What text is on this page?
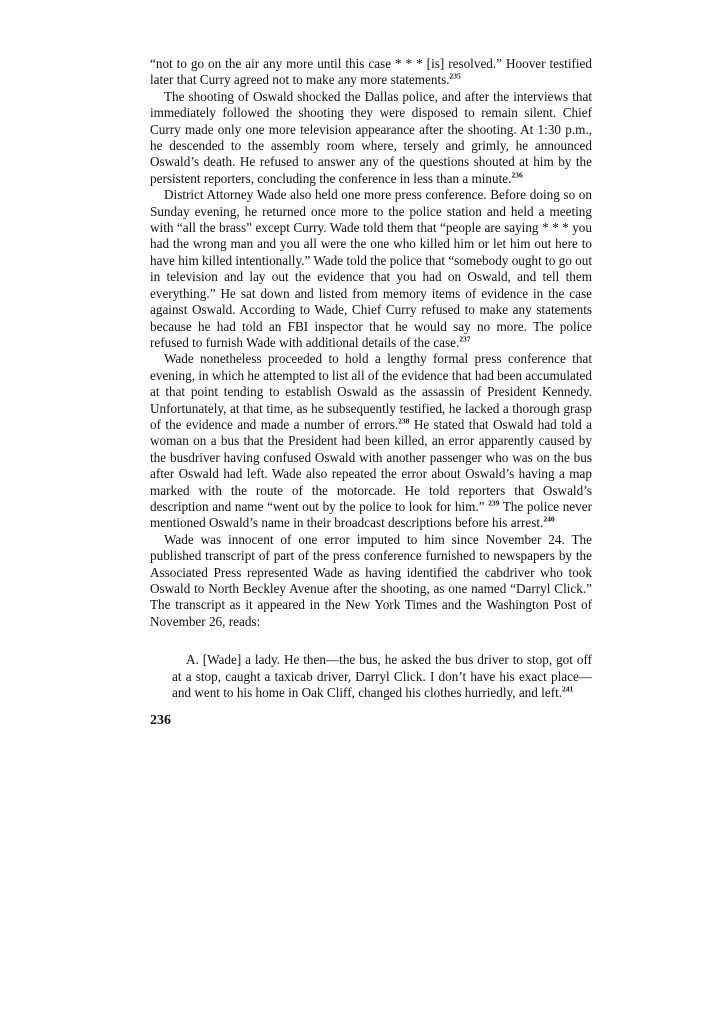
“not to go on the air any more until this case * * * [is] resolved.” Hoover testified later that Curry agreed not to make any more statements.$^{235}$

The shooting of Oswald shocked the Dallas police, and after the interviews that immediately followed the shooting they were disposed to remain silent. Chief Curry made only one more television appearance after the shooting. At 1:30 p.m., he descended to the assembly room where, tersely and grimly, he announced Oswald’s death. He refused to answer any of the questions shouted at him by the persistent reporters, concluding the conference in less than a minute.$^{236}$

District Attorney Wade also held one more press conference. Before doing so on Sunday evening, he returned once more to the police station and held a meeting with “all the brass” except Curry. Wade told them that “people are saying * * * you had the wrong man and you all were the one who killed him or let him out here to have him killed intentionally.” Wade told the police that “somebody ought to go out in television and lay out the evidence that you had on Oswald, and tell them everything.” He sat down and listed from memory items of evidence in the case against Oswald. According to Wade, Chief Curry refused to make any statements because he had told an FBI inspector that he would say no more. The police refused to furnish Wade with additional details of the case.$^{237}$

Wade nonetheless proceeded to hold a lengthy formal press conference that evening, in which he attempted to list all of the evidence that had been accumulated at that point tending to establish Oswald as the assassin of President Kennedy. Unfortunately, at that time, as he subsequently testified, he lacked a thorough grasp of the evidence and made a number of errors.$^{238}$ He stated that Oswald had told a woman on a bus that the President had been killed, an error apparently caused by the busdriver having confused Oswald with another passenger who was on the bus after Oswald had left. Wade also repeated the error about Oswald’s having a map marked with the route of the motorcade. He told reporters that Oswald’s description and name “went out by the police to look for him.” $^{239}$ The police never mentioned Oswald’s name in their broadcast descriptions before his arrest.$^{240}$

Wade was innocent of one error imputed to him since November 24. The published transcript of part of the press conference furnished to newspapers by the Associated Press represented Wade as having identified the cabdriver who took Oswald to North Beckley Avenue after the shooting, as one named “Darryl Click.” The transcript as it appeared in the New York Times and the Washington Post of November 26, reads:

A. [Wade] a lady. He then—the bus, he asked the bus driver to stop, got off at a stop, caught a taxicab driver, Darryl Click. I don’t have his exact place—and went to his home in Oak Cliff, changed his clothes hurriedly, and left.$^{241}$
236
